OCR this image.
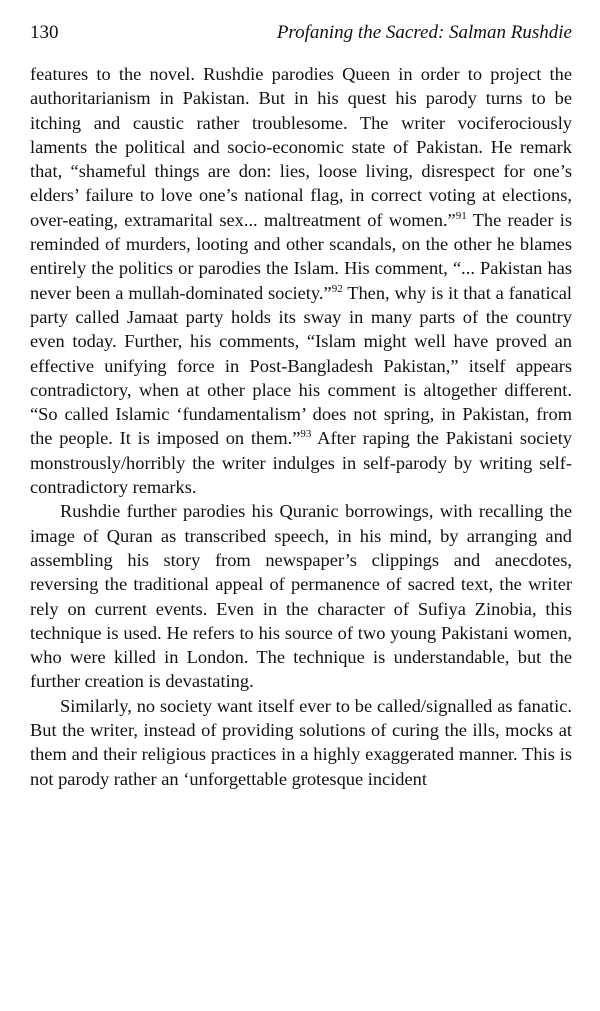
130	Profaning the Sacred: Salman Rushdie

features to the novel. Rushdie parodies Queen in order to project the authoritarianism in Pakistan. But in his quest his parody turns to be itching and caustic rather troublesome. The writer vociferociously laments the political and socio-economic state of Pakistan. He remark that, “shameful things are don: lies, loose living, disrespect for one’s elders’ failure to love one’s national flag, in correct voting at elections, over-eating, extramarital sex... maltreatment of women.”$^{91}$ The reader is reminded of murders, looting and other scandals, on the other he blames entirely the politics or parodies the Islam. His comment, “... Pakistan has never been a mullah-dominated society.”$^{92}$ Then, why is it that a fanatical party called Jamaat party holds its sway in many parts of the country even today. Further, his comments, “Islam might well have proved an effective unifying force in Post-Bangladesh Pakistan,” itself appears contradictory, when at other place his comment is altogether different. “So called Islamic ‘fundamentalism’ does not spring, in Pakistan, from the people. It is imposed on them.”$^{93}$ After raping the Pakistani society monstrously/horribly the writer indulges in self-parody by writing self-contradictory remarks.

Rushdie further parodies his Quranic borrowings, with recalling the image of Quran as transcribed speech, in his mind, by arranging and assembling his story from newspaper’s clippings and anecdotes, reversing the traditional appeal of permanence of sacred text, the writer rely on current events. Even in the character of Sufiya Zinobia, this technique is used. He refers to his source of two young Pakistani women, who were killed in London. The technique is understandable, but the further creation is devastating.

Similarly, no society want itself ever to be called/signalled as fanatic. But the writer, instead of providing solutions of curing the ills, mocks at them and their religious practices in a highly exaggerated manner. This is not parody rather an ‘unforgettable grotesque incident
